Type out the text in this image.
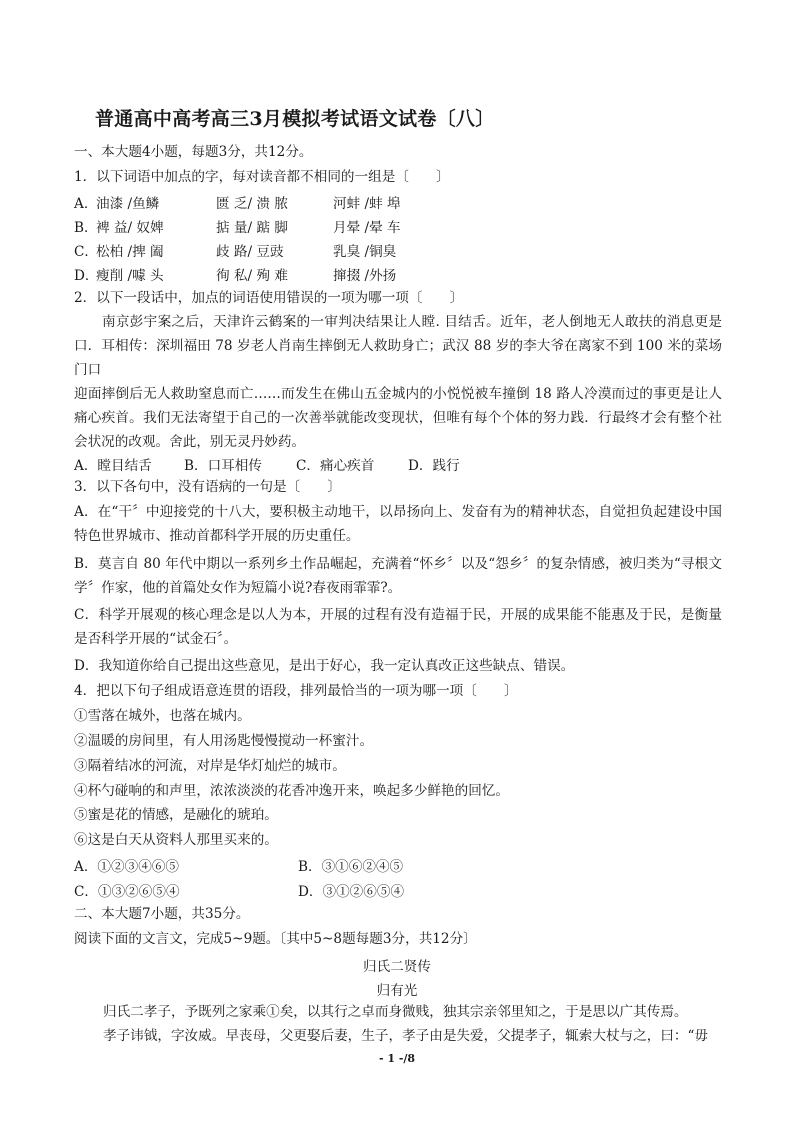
普通高中高考高三3月模拟考试语文试卷〔八〕
一、本大题4小题，每题3分，共12分。
1．以下词语中加点的字，每对读音都不相同的一组是〔　　〕
A．
油漆 /鱼鳞	匮 乏/ 溃 脓	河蚌 /蚌 埠
B．
裨 益/ 奴婢	掂 量/ 踮 脚	月晕 /晕 车
C．
松柏 /捭 阖	歧 路/ 豆豉	乳臭 /铜臭
D．
瘦削 /噱 头	徇 私/ 殉 难	撺掇 /外扬
2．以下一段话中，加点的词语使用错误的一项为哪一项〔　　〕
南京彭宇案之后，天津许云鹤案的一审判决结果让人瞠. 目结舌。近年，老人倒地无人敢扶的消息更是口．耳相传：深圳福田 78 岁老人肖南生摔倒无人救助身亡；武汉 88 岁的李大爷在离家不到 100 米的菜场门口
迎面摔倒后无人救助窒息而亡……而发生在佛山五金城内的小悦悦被车撞倒 18 路人冷漠而过的事更是让人痛心疾首。我们无法寄望于自己的一次善举就能改变现状，但唯有每个个体的努力践．行最终才会有整个社 会状况的改观。舍此，别无灵丹妙药。
A．瞠目结舌 B．口耳相传	C．痛心疾首 D．践行
3．以下各句中，没有语病的一句是〔　　〕
A．在“干〞中迎接党的十八大，要积极主动地干，以昂扬向上、发奋有为的精神状态，自觉担负起建设中国特色世界城市、推动首都科学开展的历史重任。
B．莫言自 80 年代中期以一系列乡土作品崛起，充满着“怀乡〞以及“怨乡〞的复杂情感，被归类为“寻根文学〞作家，他的首篇处女作为短篇小说?春夜雨霏霏?。
C．科学开展观的核心理念是以人为本，开展的过程有没有造福于民，开展的成果能不能惠及于民，是衡量是否科学开展的“试金石〞。
D．我知道你给自己提出这些意见，是出于好心，我一定认真改正这些缺点、错误。
4．把以下句子组成语意连贯的语段，排列最恰当的一项为哪一项〔　　〕
①雪落在城外，也落在城内。
②温暖的房间里，有人用汤匙慢慢搅动一杯蜜汁。
③隔着结冰的河流，对岸是华灯灿烂的城市。
④杯勺碰响的和声里，浓浓淡淡的花香冲逸开来，唤起多少鲜艳的回忆。
⑤蜜是花的情感，是融化的琥珀。
⑥这是白天从资料人那里买来的。
A．①②③④⑥⑤	B．③①⑥②④⑤
C．①③②⑥⑤④	D．③①②⑥⑤④
二、本大题7小题，共35分。
阅读下面的文言文，完成5~9题。〔其中5~8题每题3分，共12分〕
归氏二贤传
归有光
归氏二孝子，予既列之家乘①矣，以其行之卓而身微贱，独其宗亲邻里知之，于是思以广其传焉。
孝子讳钺，字汝威。早丧母，父更娶后妻，生子，孝子由是失爱，父提孝子，辄索大杖与之，曰：“毋
- 1 -/8
